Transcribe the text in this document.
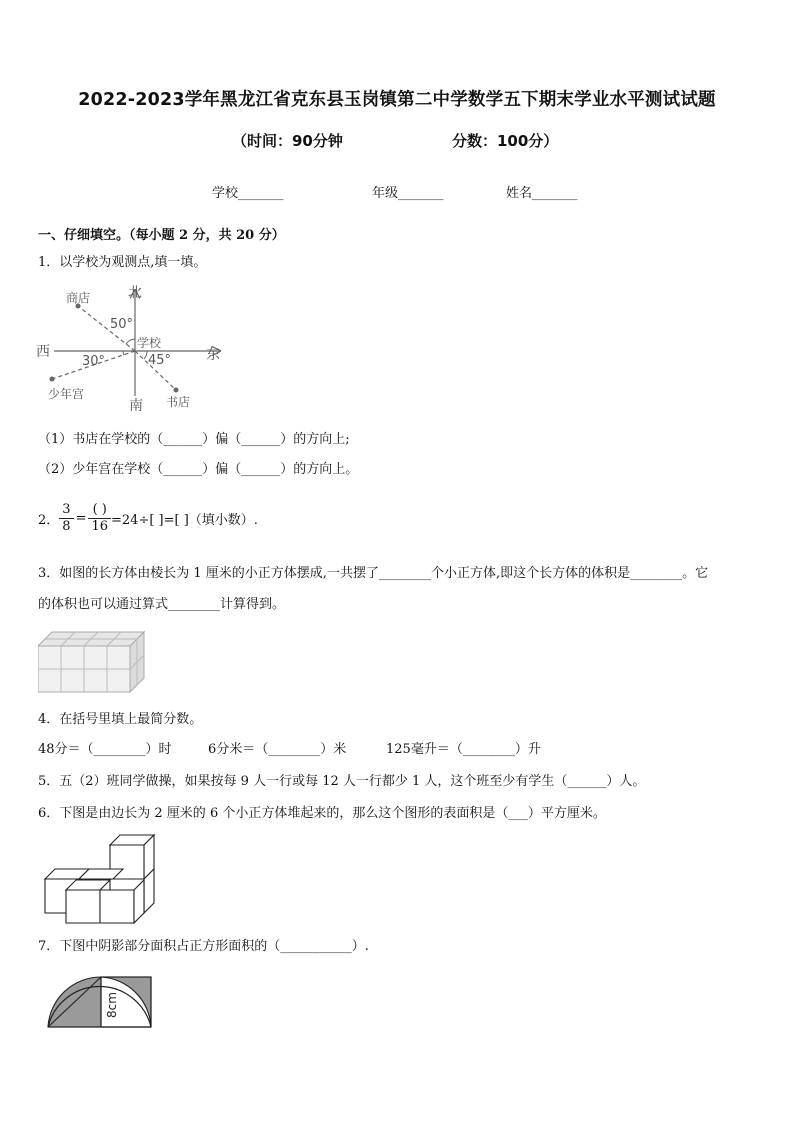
2022-2023学年黑龙江省克东县玉岗镇第二中学数学五下期末学业水平测试试题
（时间：90分钟	分数：100分）
学校_______	年级_______	姓名_______
一、仔细填空。（每小题 2 分，共 20 分）
1．以学校为观测点,填一填。
北
南
西	东
学校
商店
少年宫
书店
50°
30°	45°
（1）书店在学校的（______）偏（______）的方向上;
（2）少年宫在学校（______）偏（______）的方向上。
2． $\frac{3}{8} = \frac{( )}{16} =24\div$[ ]=[ ]（填小数）.
3．如图的长方体由棱长为 1 厘米的小正方体摆成,一共摆了________个小正方体,即这个长方体的体积是________。它
的体积也可以通过算式________计算得到。
4．在括号里填上最简分数。
48分＝（________）时	6分米＝（________）米	125毫升＝（________）升
5．五（2）班同学做操，如果按每 9 人一行或每 12 人一行都少 1 人，这个班至少有学生（______）人。
6．下图是由边长为 2 厘米的 6 个小正方体堆起来的，那么这个图形的表面积是（___）平方厘米。
7．下图中阴影部分面积占正方形面积的（___________）.
8cm
